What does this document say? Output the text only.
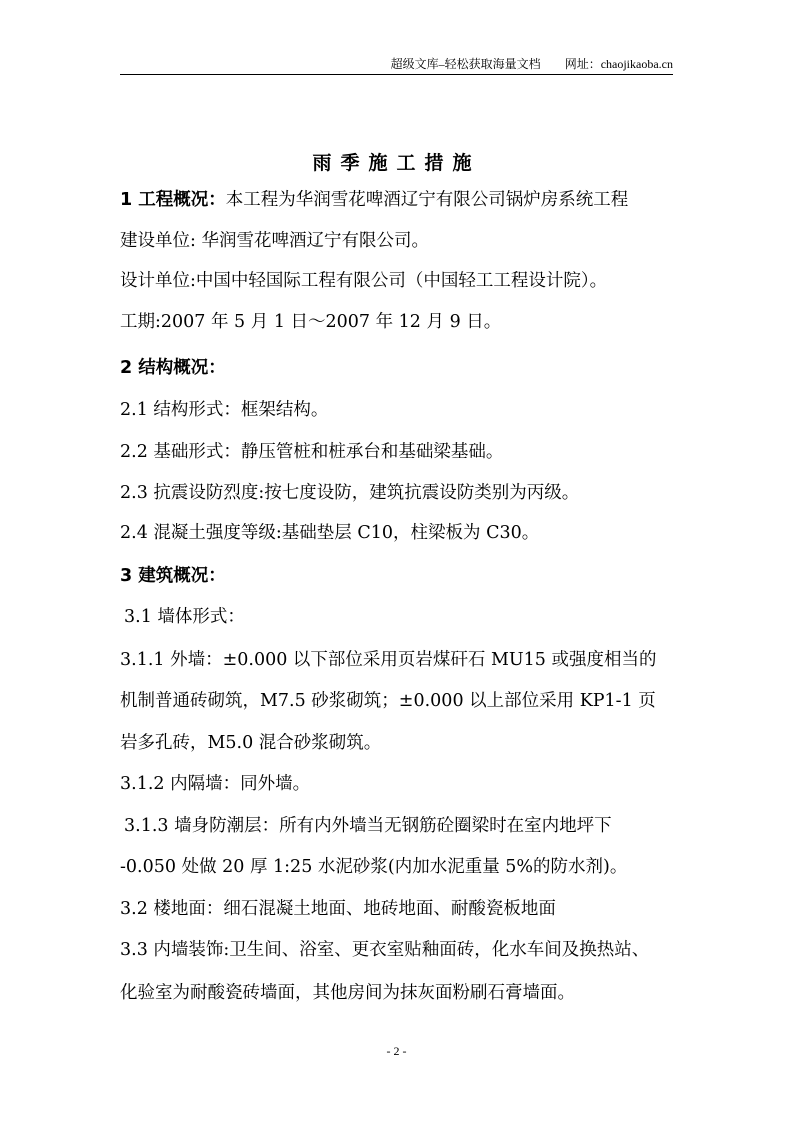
超级文库–轻松获取海量文档 网址：chaojikaoba.cn
雨季施工措施
1 工程概况：本工程为华润雪花啤酒辽宁有限公司锅炉房系统工程
建设单位: 华润雪花啤酒辽宁有限公司。
设计单位:中国中轻国际工程有限公司（中国轻工工程设计院）。
工期:2007 年 5 月 1 日～2007 年 12 月 9 日。
2 结构概况：
2.1 结构形式：框架结构。
2.2 基础形式：静压管桩和桩承台和基础梁基础。
2.3 抗震设防烈度:按七度设防，建筑抗震设防类别为丙级。
2.4 混凝土强度等级:基础垫层 C10，柱梁板为 C30。
3 建筑概况：
3.1 墙体形式：
3.1.1 外墙：±0.000 以下部位采用页岩煤矸石 MU15 或强度相当的
机制普通砖砌筑，M7.5 砂浆砌筑；±0.000 以上部位采用 KP1-1 页
岩多孔砖，M5.0 混合砂浆砌筑。
3.1.2 内隔墙：同外墙。
3.1.3 墙身防潮层：所有内外墙当无钢筋砼圈梁时在室内地坪下
-0.050 处做 20 厚 1:25 水泥砂浆(内加水泥重量 5%的防水剂)。
3.2 楼地面：细石混凝土地面、地砖地面、耐酸瓷板地面
3.3 内墙装饰:卫生间、浴室、更衣室贴釉面砖，化水车间及换热站、
化验室为耐酸瓷砖墙面，其他房间为抹灰面粉刷石膏墙面。
- 2 -
